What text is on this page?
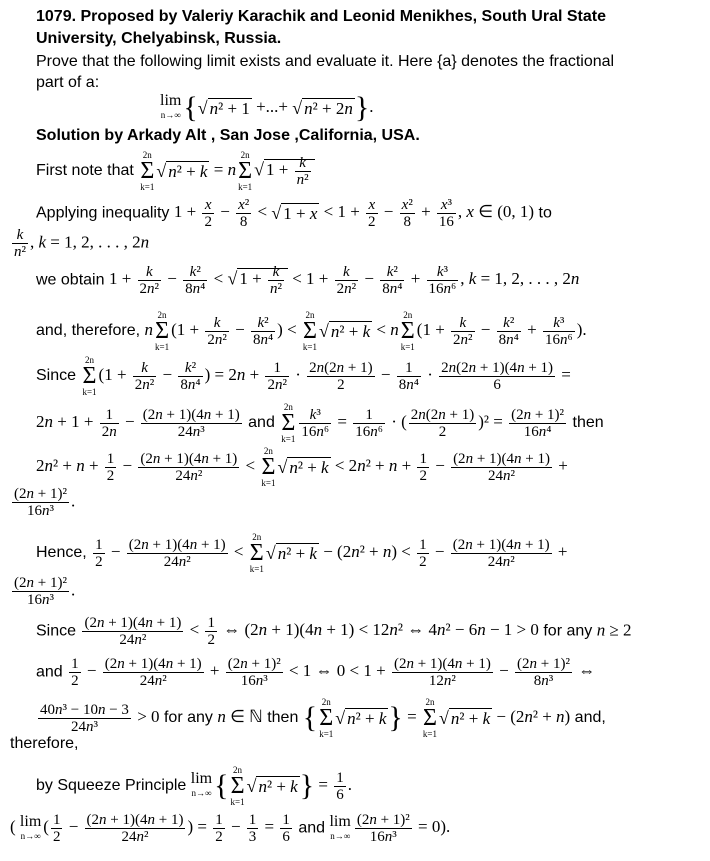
1079. Proposed by Valeriy Karachik and Leonid Menikhes, South Ural State
University, Chelyabinsk, Russia.
Prove that the following limit exists and evaluate it. Here {a} denotes the fractional
part of a:
lim
n→∞ {√ n² + 1 +...+ √ n² + 2n}.
Solution by Arkady Alt , San Jose ,California, USA.
First note that
2n
Σ
k=1
√ n² + k = n
2n
Σ
k=1
√ $1 + \frac{k}{\text{n²}}$
Applying inequality $1 + \frac{x}{2} - \frac{\text{x²}}{8}$ < √ $1 + x < 1 + \frac{x}{2} - \frac{\text{x²}}{8} + \frac{\text{x³}}{16}$ , x ∈ (0, 1) to
$\frac{k}{\text{n²}}$ , k = 1, 2, . . . , 2n
we obtain $1 + \frac{k}{\text{2n²}} - \frac{\text{k²}}{\text{8n⁴}}$ < √ $1 + \frac{k}{\text{n²}} < 1 + \frac{k}{\text{2n²}} - \frac{\text{k²}}{\text{8n⁴}} + \frac{\text{k³}}{\text{16n⁶}}$ , k = 1, 2, . . . , 2n
and, therefore, n
2n
Σ
k=1
($1 + \frac{k}{\text{2n²}} - \frac{\text{k²}}{\text{8n⁴}}$ ) <
2n
Σ
k=1
√ n² + k < n
2n
Σ
k=1
($1 + \frac{k}{\text{2n²}} - \frac{\text{k²}}{\text{8n⁴}} + \frac{\text{k³}}{\text{16n⁶}}$ ).
Since
2n
Σ
k=1
($1 + \frac{k}{\text{2n²}} - \frac{\text{k²}}{\text{8n⁴}}$ ) = $2n + \frac{1}{\text{2n²}} \cdot \frac{2n(2n + 1)}{2} - \frac{1}{\text{8n⁴}} \cdot \frac{2n(2n + 1)(4n + 1)}{6}$ =
$2n + 1 + \frac{1}{2n} - \frac{(2n + 1)(4n + 1)}{\text{24n³}}$ and
2n
Σ
$k=1 \frac{\text{k³}}{\text{16n⁶}} = \frac{1}{\text{16n⁶}}$ · ( $\frac{2n(2n + 1)}{2} )^2 = \frac{\text{(2n + 1)²}}{\text{16n⁴}}$ then
$2n^2 + n + \frac{1}{2} - \frac{(2n + 1)(4n + 1)}{\text{24n²}}$ <
2n
Σ
k=1
√ $n^2 + k < 2n^2 + n + \frac{1}{2} - \frac{(2n + 1)(4n + 1)}{\text{24n²}}$ +
$\frac{\text{(2n + 1)²}}{\text{16n³}}$ .
Hence, $\frac{1}{2} - \frac{(2n + 1)(4n + 1)}{\text{24n²}}$ <
2n
Σ
k=1
√ $n^2 + k - (2n^2 + n) < \frac{1}{2} - \frac{(2n + 1)(4n + 1)}{\text{24n²}}$ +
$\frac{\text{(2n + 1)²}}{\text{16n³}}$ .
Since $\frac{(2n + 1)(4n + 1)}{\text{24n²}} < \frac{1}{2}$ ⇔ (2n + 1)(4n + 1) < 12n² ⇔ 4n² − 6n − 1 > 0 for any n ≥ 2
and $\frac{1}{2} - \frac{(2n + 1)(4n + 1)}{\text{24n²}} + \frac{\text{(2n + 1)²}}{\text{16n³}} < 1$ ⇔ $0 < 1 + \frac{(2n + 1)(4n + 1)}{\text{12n²}} - \frac{\text{(2n + 1)²}}{\text{8n³}}$ ⇔
$\frac{\text{40n³ − 10n − 3}}{\text{24n³}} > 0$ for any n ∈ ℕ then { 2n
Σ
k=1
√ n² + k} =
2n
Σ
k=1
√ n² + k − (2n² + n) and,
therefore,
by Squeeze Principle lim
n→∞ { 2n
Σ
k=1
√ $n^2 + k\} = \frac{1}{6}$ .
( lim
n→∞ ( $\frac{1}{2} - \frac{(2n + 1)(4n + 1)}{\text{24n²}}$ ) = $\frac{1}{2} - \frac{1}{3} = \frac{1}{6}$ and lim
$n\to\infty \frac{\text{(2n + 1)²}}{\text{16n³}} = 0$).
